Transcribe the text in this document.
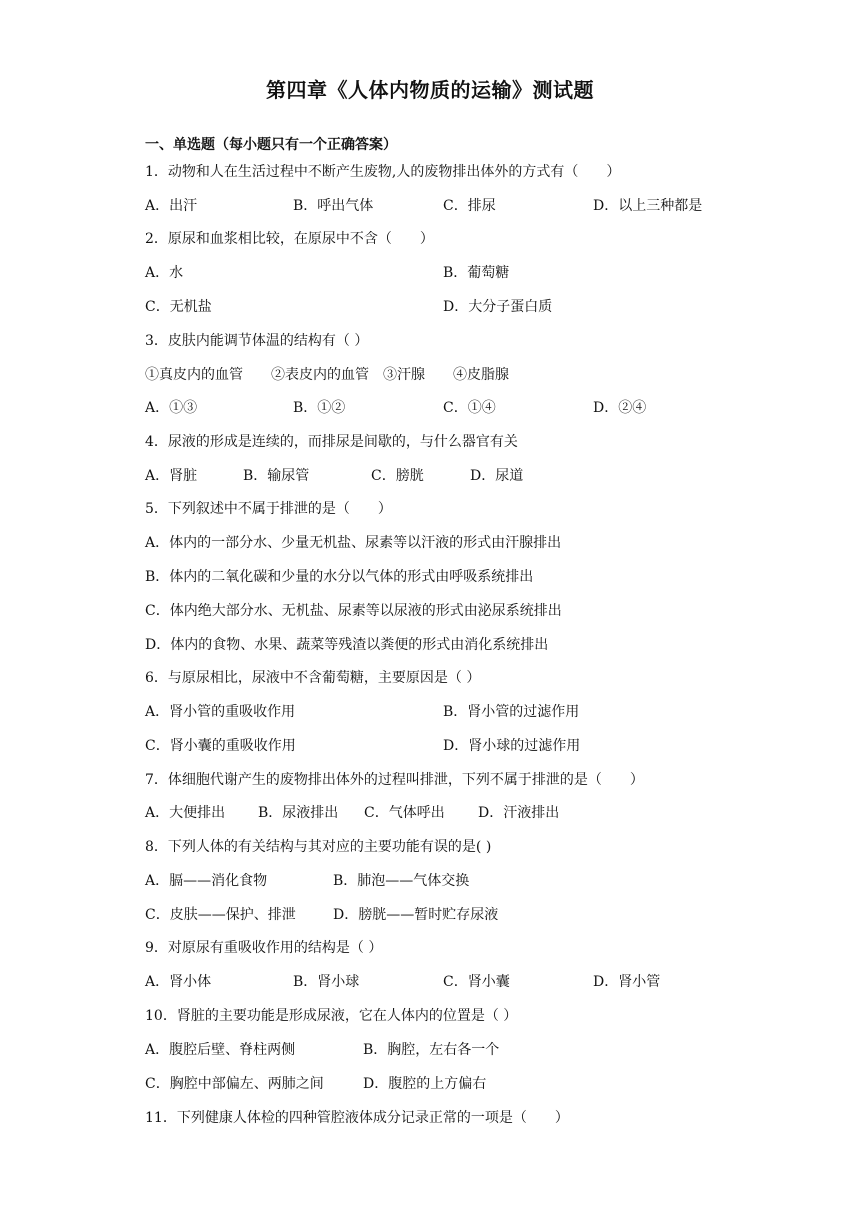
第四章《人体内物质的运输》测试题
一、单选题（每小题只有一个正确答案）
1．动物和人在生活过程中不断产生废物,人的废物排出体外的方式有（　　）
A．出汗	B．呼出气体	C．排尿	D．以上三种都是
2．原尿和血浆相比较，在原尿中不含（　　）
A．水	B．葡萄糖
C．无机盐	D．大分子蛋白质
3．皮肤内能调节体温的结构有（ ）
①真皮内的血管　　②表皮内的血管　③汗腺　　④皮脂腺
A．①③	B．①②	C．①④	D．②④
4．尿液的形成是连续的，而排尿是间歇的，与什么器官有关
A．肾脏	B．输尿管	C．膀胱	D．尿道
5．下列叙述中不属于排泄的是（　　）
A．体内的一部分水、少量无机盐、尿素等以汗液的形式由汗腺排出
B．体内的二氧化碳和少量的水分以气体的形式由呼吸系统排出
C．体内绝大部分水、无机盐、尿素等以尿液的形式由泌尿系统排出
D．体内的食物、水果、蔬菜等残渣以粪便的形式由消化系统排出
6．与原尿相比，尿液中不含葡萄糖，主要原因是（ ）
A．肾小管的重吸收作用	B．肾小管的过滤作用
C．肾小囊的重吸收作用	D．肾小球的过滤作用
7．体细胞代谢产生的废物排出体外的过程叫排泄，下列不属于排泄的是（　　）
A．大便排出 B．尿液排出 C．气体呼出 D．汗液排出
8．下列人体的有关结构与其对应的主要功能有误的是( )
A．膈——消化食物	B．肺泡——气体交换
C．皮肤——保护、排泄	D．膀胱——暂时贮存尿液
9．对原尿有重吸收作用的结构是（ ）
A．肾小体	B．肾小球	C．肾小囊	D．肾小管
10．肾脏的主要功能是形成尿液，它在人体内的位置是（ ）
A．腹腔后壁、脊柱两侧	B．胸腔，左右各一个
C．胸腔中部偏左、两肺之间	D．腹腔的上方偏右
11．下列健康人体检的四种管腔液体成分记录正常的一项是（　　）
